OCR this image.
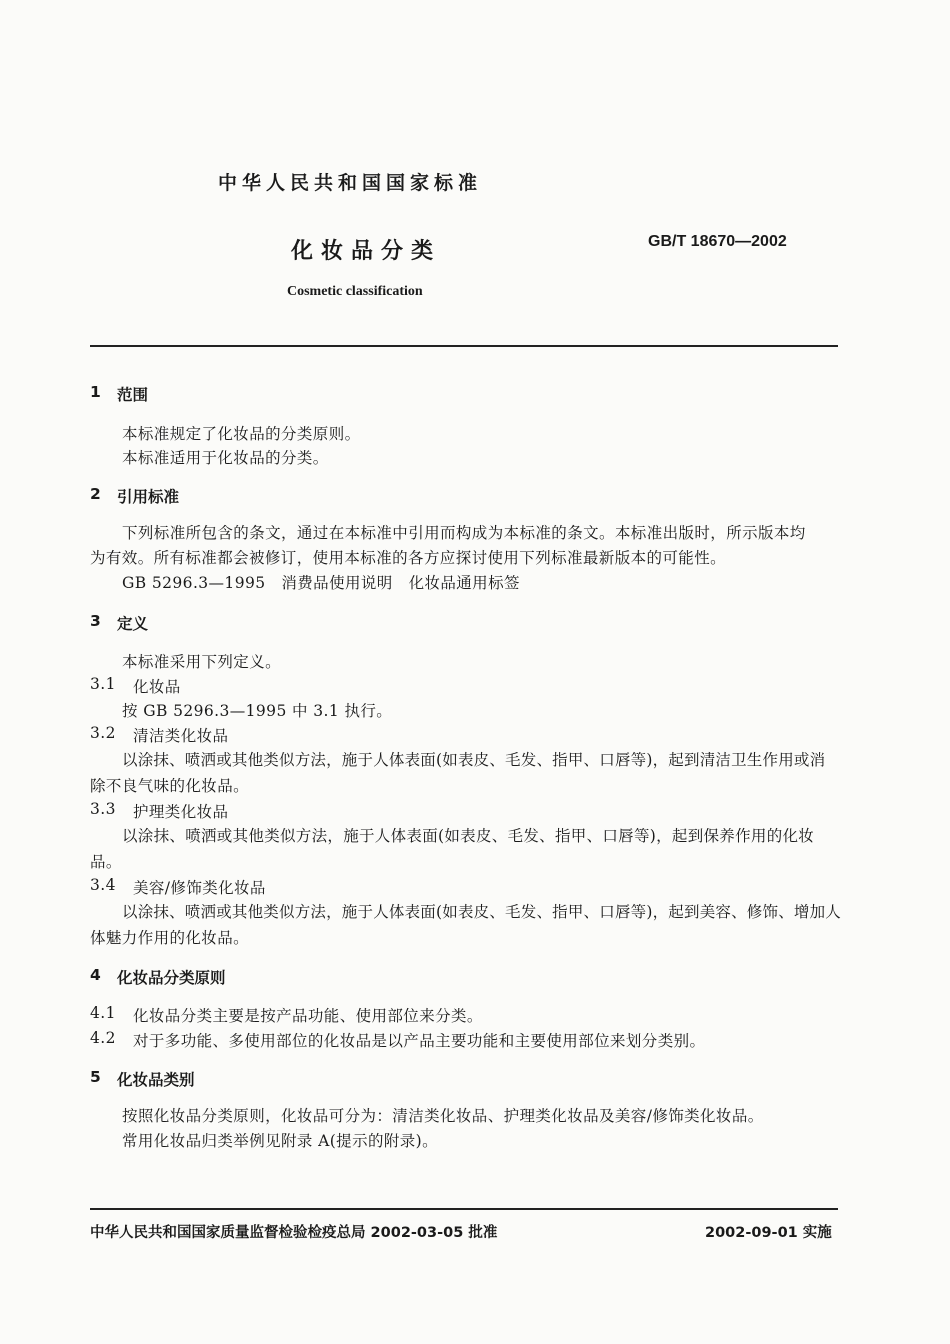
中华人民共和国国家标准
化妆品分类	GB/T 18670—2002
Cosmetic classification
1 范围
本标准规定了化妆品的分类原则。
本标准适用于化妆品的分类。
2 引用标准
下列标准所包含的条文，通过在本标准中引用而构成为本标准的条文。本标准出版时，所示版本均
为有效。所有标准都会被修订，使用本标准的各方应探讨使用下列标准最新版本的可能性。
GB 5296.3—1995　消费品使用说明　化妆品通用标签
3 定义
本标准采用下列定义。
3.1 化妆品
按 GB 5296.3—1995 中 3.1 执行。
3.2 清洁类化妆品
以涂抹、喷洒或其他类似方法，施于人体表面(如表皮、毛发、指甲、口唇等)，起到清洁卫生作用或消
除不良气味的化妆品。
3.3 护理类化妆品
以涂抹、喷洒或其他类似方法，施于人体表面(如表皮、毛发、指甲、口唇等)，起到保养作用的化妆
品。
3.4 美容/修饰类化妆品
以涂抹、喷洒或其他类似方法，施于人体表面(如表皮、毛发、指甲、口唇等)，起到美容、修饰、增加人
体魅力作用的化妆品。
4 化妆品分类原则
4.1 化妆品分类主要是按产品功能、使用部位来分类。
4.2 对于多功能、多使用部位的化妆品是以产品主要功能和主要使用部位来划分类别。
5 化妆品类别
按照化妆品分类原则，化妆品可分为：清洁类化妆品、护理类化妆品及美容/修饰类化妆品。
常用化妆品归类举例见附录 A(提示的附录)。
中华人民共和国国家质量监督检验检疫总局 2002-03-05 批准	2002-09-01 实施
